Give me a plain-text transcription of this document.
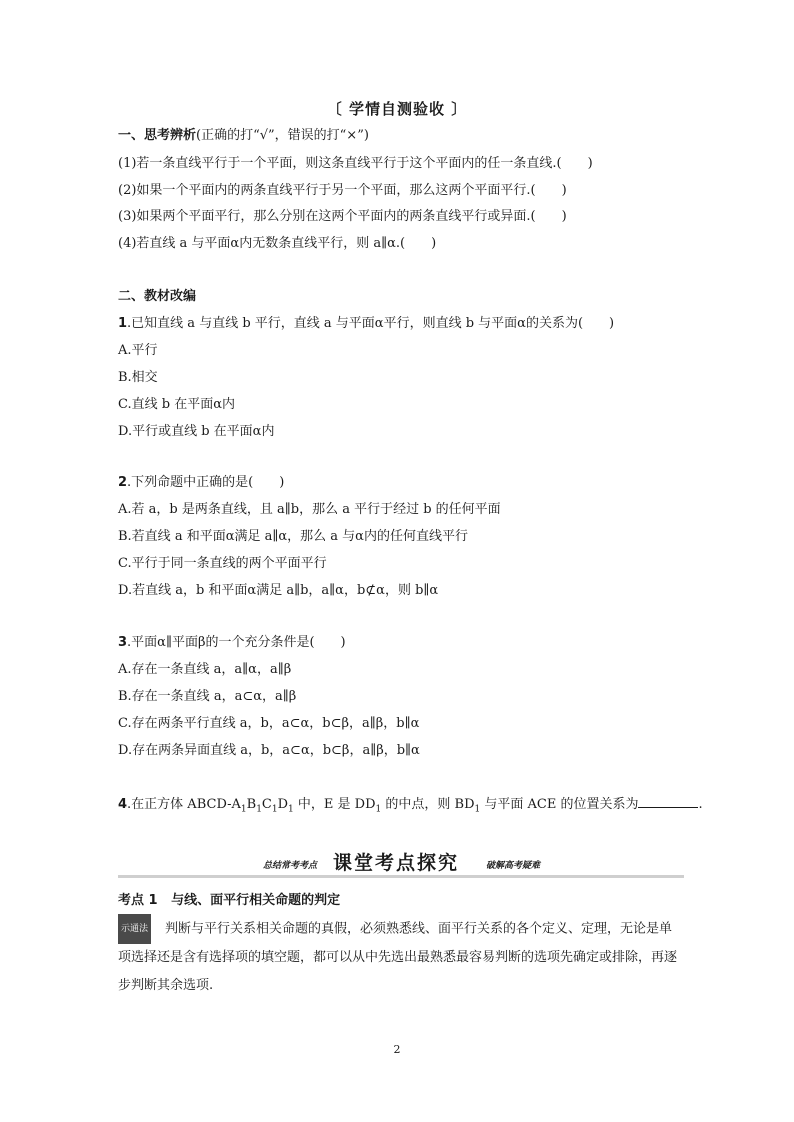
〔 学情自测验收 〕
一、思考辨析(正确的打“√”，错误的打“×”)
(1)若一条直线平行于一个平面，则这条直线平行于这个平面内的任一条直线.(　　)
(2)如果一个平面内的两条直线平行于另一个平面，那么这两个平面平行.(　　)
(3)如果两个平面平行，那么分别在这两个平面内的两条直线平行或异面.(　　)
(4)若直线 a 与平面α内无数条直线平行，则 a∥α.(　　)
二、教材改编
1.已知直线 a 与直线 b 平行，直线 a 与平面α平行，则直线 b 与平面α的关系为(　　)
A.平行
B.相交
C.直线 b 在平面α内
D.平行或直线 b 在平面α内
2.下列命题中正确的是(　　)
A.若 a，b 是两条直线，且 a∥b，那么 a 平行于经过 b 的任何平面
B.若直线 a 和平面α满足 a∥α，那么 a 与α内的任何直线平行
C.平行于同一条直线的两个平面平行
D.若直线 a，b 和平面α满足 a∥b，a∥α，b⊄α，则 b∥α
3.平面α∥平面β的一个充分条件是(　　)
A.存在一条直线 a，a∥α，a∥β
B.存在一条直线 a，a⊂α，a∥β
C.存在两条平行直线 a，b，a⊂α，b⊂β，a∥β，b∥α
D.存在两条异面直线 a，b，a⊂α，b⊂β，a∥β，b∥α
4.在正方体 ABCD-$A_1B_1C_1D_1$ 中，E 是 $DD_1$ 的中点，则 $BD_1$ 与平面 ACE 的位置关系为	.
总结常考考点 课堂考点探究	破解高考疑难
考点 1 与线、面平行相关命题的判定
示通法 判断与平行关系相关命题的真假，必须熟悉线、面平行关系的各个定义、定理，无论是单项选择还是含有选择项的填空题，都可以从中先选出最熟悉最容易判断的选项先确定或排除，再逐步判断其余选项.
2
